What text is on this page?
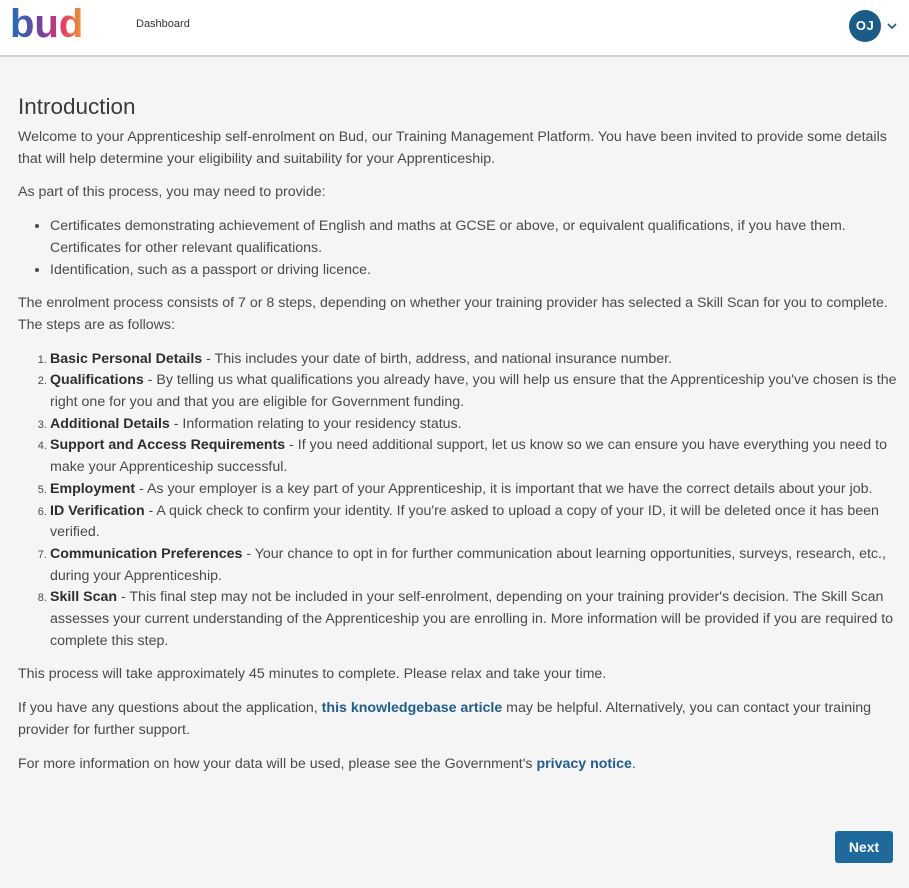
bud	Dashboard	OJ
Introduction

Welcome to your Apprenticeship self-enrolment on Bud, our Training Management Platform. You have been invited to provide some details that will help determine your eligibility and suitability for your Apprenticeship.

As part of this process, you may need to provide:

• Certificates demonstrating achievement of English and maths at GCSE or above, or equivalent qualifications, if you have them. Certificates for other relevant qualifications.
• Identification, such as a passport or driving licence.

The enrolment process consists of 7 or 8 steps, depending on whether your training provider has selected a Skill Scan for you to complete. The steps are as follows:

1. Basic Personal Details - This includes your date of birth, address, and national insurance number.
2. Qualifications - By telling us what qualifications you already have, you will help us ensure that the Apprenticeship you've chosen is the right one for you and that you are eligible for Government funding.
3. Additional Details - Information relating to your residency status.
4. Support and Access Requirements - If you need additional support, let us know so we can ensure you have everything you need to make your Apprenticeship successful.
5. Employment - As your employer is a key part of your Apprenticeship, it is important that we have the correct details about your job.
6. ID Verification - A quick check to confirm your identity. If you're asked to upload a copy of your ID, it will be deleted once it has been verified.
7. Communication Preferences - Your chance to opt in for further communication about learning opportunities, surveys, research, etc., during your Apprenticeship.
8. Skill Scan - This final step may not be included in your self-enrolment, depending on your training provider's decision. The Skill Scan assesses your current understanding of the Apprenticeship you are enrolling in. More information will be provided if you are required to complete this step.

This process will take approximately 45 minutes to complete. Please relax and take your time.

If you have any questions about the application, this knowledgebase article may be helpful. Alternatively, you can contact your training provider for further support.

For more information on how your data will be used, please see the Government's privacy notice.

Next
